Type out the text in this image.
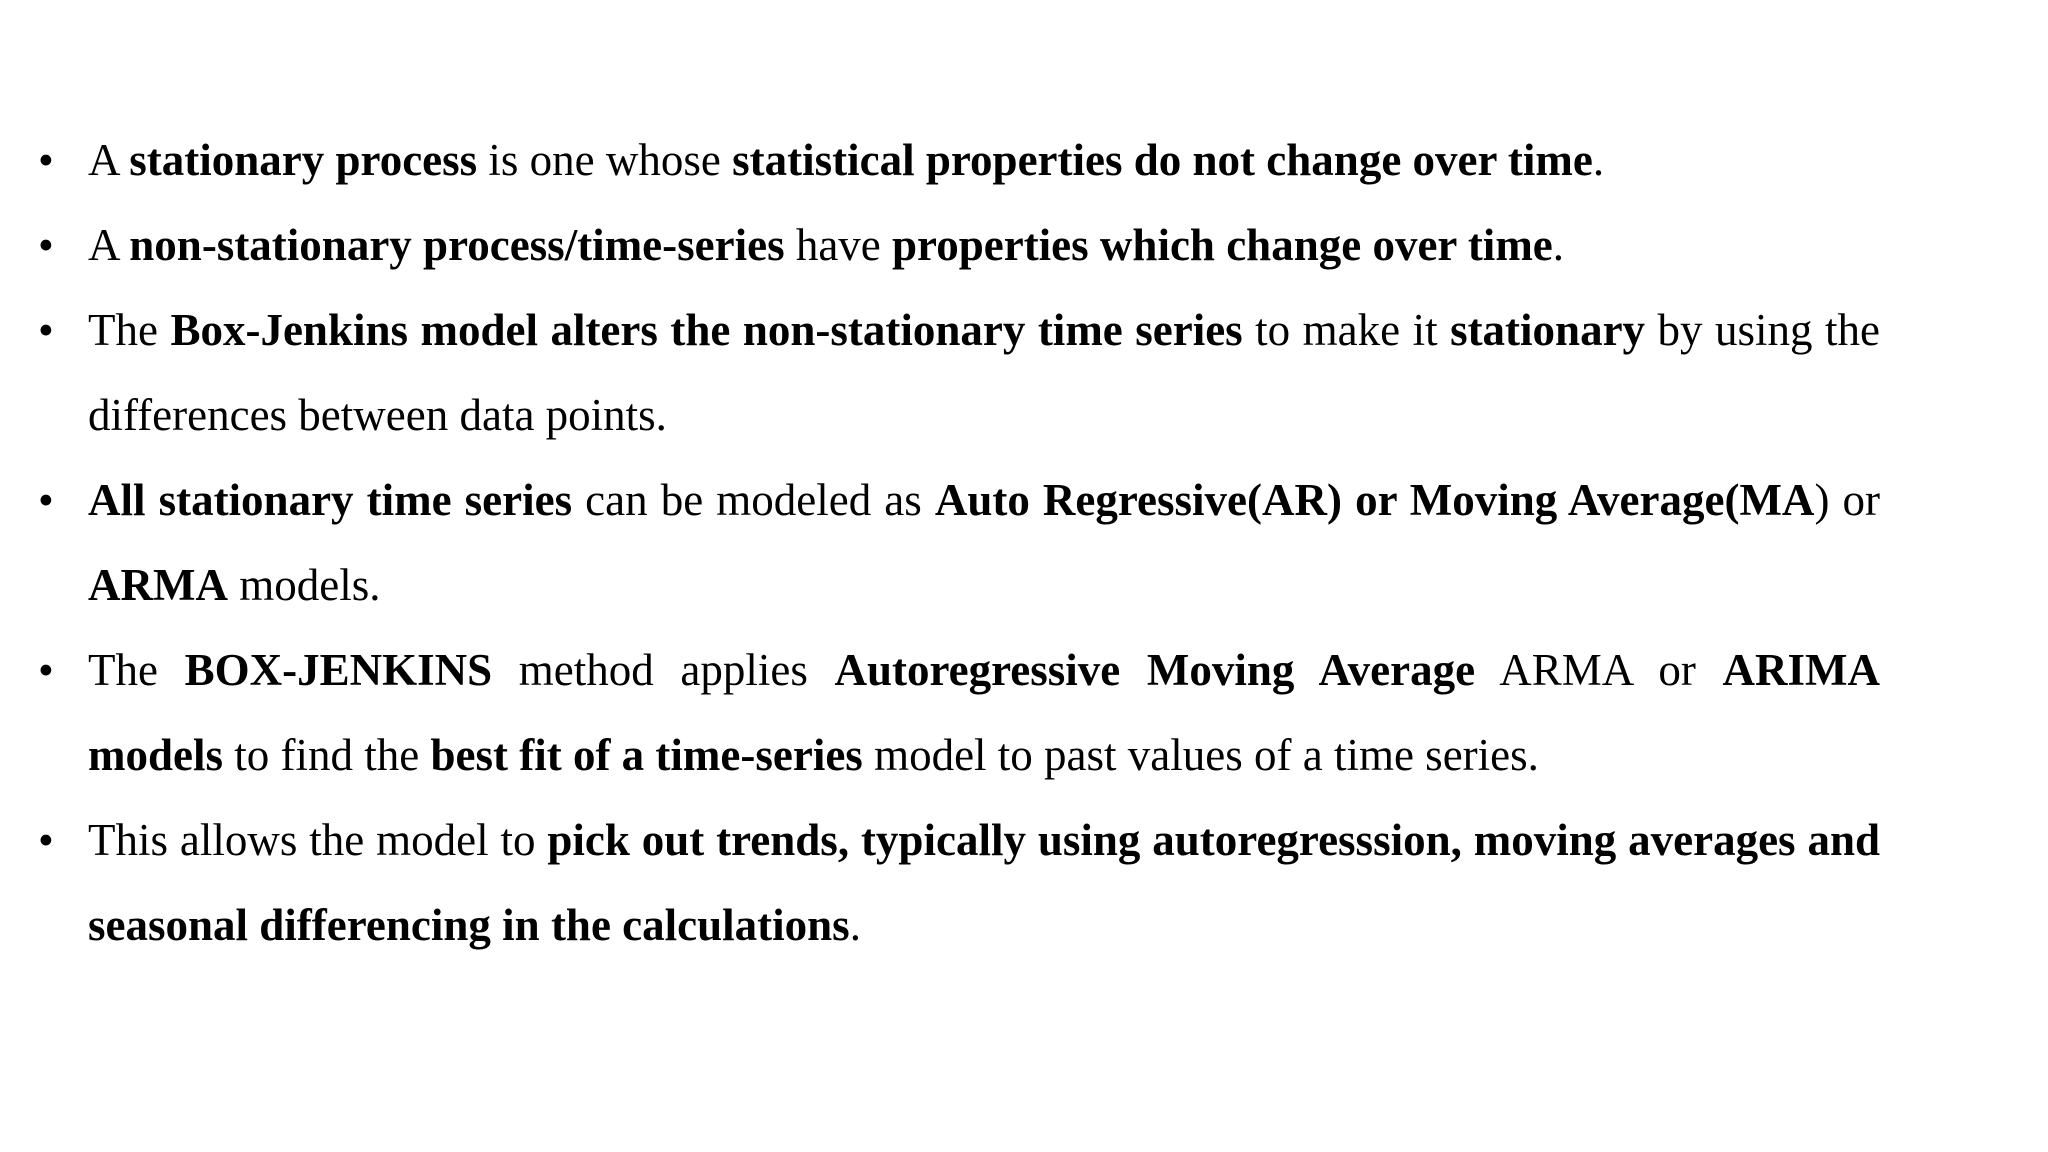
• A stationary process is one whose statistical properties do not change over time.
• A non-stationary process/time-series have properties which change over time.
• The Box-Jenkins model alters the non-stationary time series to make it stationary by using the differences between data points.
• All stationary time series can be modeled as Auto Regressive(AR) or Moving Average(MA) or ARMA models.
• The BOX-JENKINS method applies Autoregressive Moving Average ARMA or ARIMA models to find the best fit of a time-series model to past values of a time series.
• This allows the model to pick out trends, typically using autoregresssion, moving averages and seasonal differencing in the calculations.
